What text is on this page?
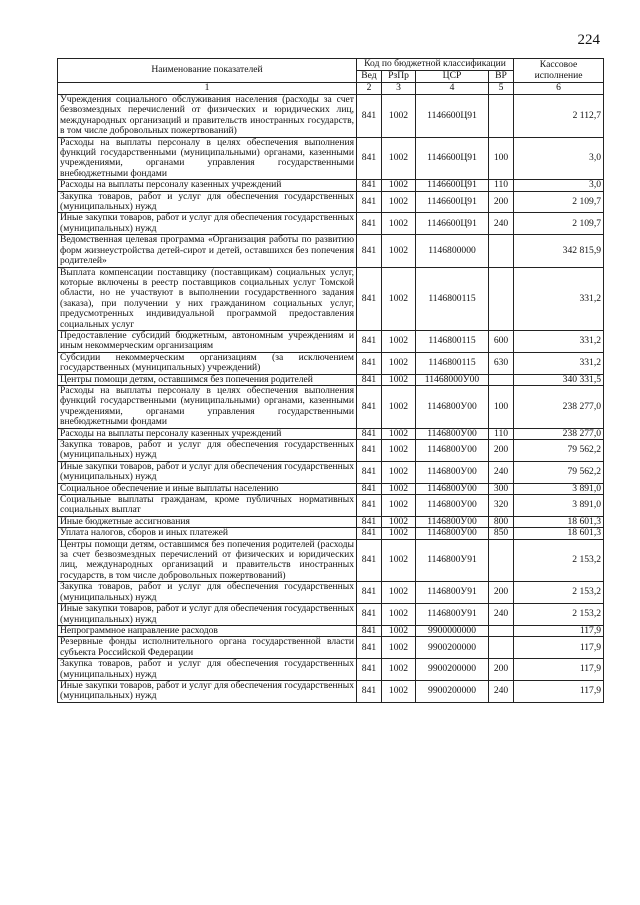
224
Наименование показателей	Код по бюджетной классификации				Кассовое исполнение
	Вед	РзПр	ЦСР	ВР	
1	2	3	4	5	6
Учреждения социального обслуживания населения (расходы за счет безвозмездных перечислений от физических и юридических лиц, международных организаций и правительств иностранных государств, в том числе добровольных пожертвований)	841	1002	1146600Ц91		2 112,7
Расходы на выплаты персоналу в целях обеспечения выполнения функций государственными (муниципальными) органами, казенными учреждениями, органами управления государственными внебюджетными фондами	841	1002	1146600Ц91	100	3,0
Расходы на выплаты персоналу казенных учреждений	841	1002	1146600Ц91	110	3,0
Закупка товаров, работ и услуг для обеспечения государственных (муниципальных) нужд	841	1002	1146600Ц91	200	2 109,7
Иные закупки товаров, работ и услуг для обеспечения государственных (муниципальных) нужд	841	1002	1146600Ц91	240	2 109,7
Ведомственная целевая программа «Организация работы по развитию форм жизнеустройства детей-сирот и детей, оставшихся без попечения родителей»	841	1002	1146800000		342 815,9
Выплата компенсации поставщику (поставщикам) социальных услуг, которые включены в реестр поставщиков социальных услуг Томской области, но не участвуют в выполнении государственного задания (заказа), при получении у них гражданином социальных услуг, предусмотренных индивидуальной программой предоставления социальных услуг	841	1002	1146800115		331,2
Предоставление субсидий бюджетным, автономным учреждениям и иным некоммерческим организациям	841	1002	1146800115	600	331,2
Субсидии некоммерческим организациям (за исключением государственных (муниципальных) учреждений)	841	1002	1146800115	630	331,2
Центры помощи детям, оставшимся без попечения родителей	841	1002	11468000У00		340 331,5
Расходы на выплаты персоналу в целях обеспечения выполнения функций государственными (муниципальными) органами, казенными учреждениями, органами управления государственными внебюджетными фондами	841	1002	1146800У00	100	238 277,0
Расходы на выплаты персоналу казенных учреждений	841	1002	1146800У00	110	238 277,0
Закупка товаров, работ и услуг для обеспечения государственных (муниципальных) нужд	841	1002	1146800У00	200	79 562,2
Иные закупки товаров, работ и услуг для обеспечения государственных (муниципальных) нужд	841	1002	1146800У00	240	79 562,2
Социальное обеспечение и иные выплаты населению	841	1002	1146800У00	300	3 891,0
Социальные выплаты гражданам, кроме публичных нормативных социальных выплат	841	1002	1146800У00	320	3 891,0
Иные бюджетные ассигнования	841	1002	1146800У00	800	18 601,3
Уплата налогов, сборов и иных платежей	841	1002	1146800У00	850	18 601,3
Центры помощи детям, оставшимся без попечения родителей (расходы за счет безвозмездных перечислений от физических и юридических лиц, международных организаций и правительств иностранных государств, в том числе добровольных пожертвований)	841	1002	1146800У91		2 153,2
Закупка товаров, работ и услуг для обеспечения государственных (муниципальных) нужд	841	1002	1146800У91	200	2 153,2
Иные закупки товаров, работ и услуг для обеспечения государственных (муниципальных) нужд	841	1002	1146800У91	240	2 153,2
Непрограммное направление расходов	841	1002	9900000000		117,9
Резервные фонды исполнительного органа государственной власти субъекта Российской Федерации	841	1002	9900200000		117,9
Закупка товаров, работ и услуг для обеспечения государственных (муниципальных) нужд	841	1002	9900200000	200	117,9
Иные закупки товаров, работ и услуг для обеспечения государственных (муниципальных) нужд	841	1002	9900200000	240	117,9
